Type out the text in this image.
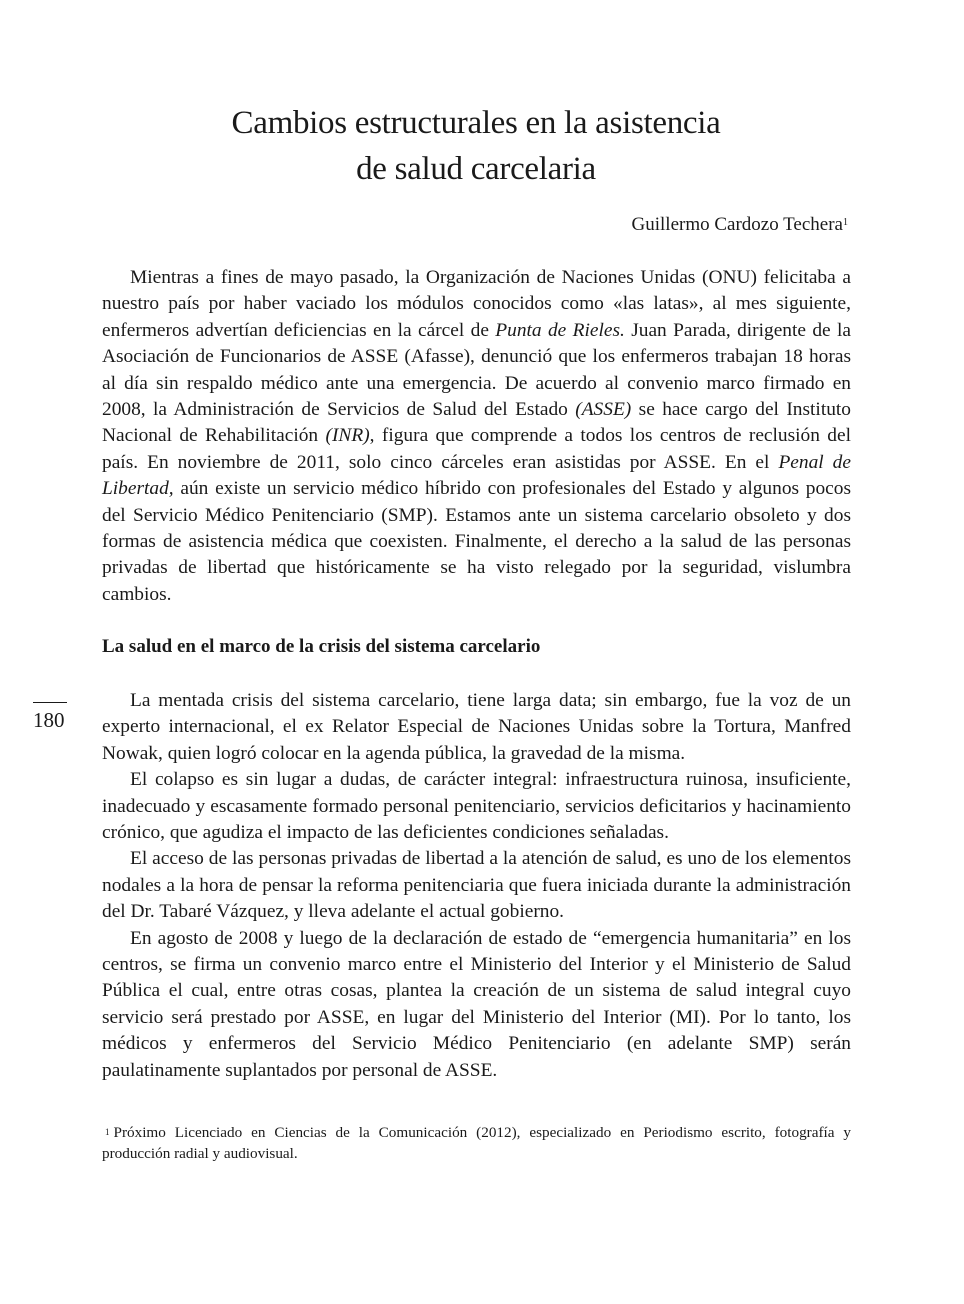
Cambios estructurales en la asistencia
de salud carcelaria

Guillermo Cardozo Techera$^1$

Mientras a fines de mayo pasado, la Organización de Naciones Unidas (ONU) felicitaba a nuestro país por haber vaciado los módulos conocidos como «las latas», al mes siguiente, enfermeros advertían deficiencias en la cárcel de Punta de Rieles. Juan Parada, dirigente de la Asociación de Funcionarios de ASSE (Afasse), denunció que los enfermeros trabajan 18 horas al día sin respaldo médico ante una emergencia. De acuerdo al convenio marco firmado en 2008, la Administración de Servicios de Salud del Estado (ASSE) se hace cargo del Instituto Nacional de Rehabilitación (INR), figura que comprende a todos los centros de reclusión del país. En noviembre de 2011, solo cinco cárceles eran asistidas por ASSE. En el Penal de Libertad, aún existe un servicio médico híbrido con profesionales del Estado y algunos pocos del Servicio Médico Penitenciario (SMP). Estamos ante un sistema carcelario obsoleto y dos formas de asistencia médica que coexisten. Finalmente, el derecho a la salud de las personas privadas de libertad que históricamente se ha visto relegado por la seguridad, vislumbra cambios.

La salud en el marco de la crisis del sistema carcelario

180

La mentada crisis del sistema carcelario, tiene larga data; sin embargo, fue la voz de un experto internacional, el ex Relator Especial de Naciones Unidas sobre la Tortura, Manfred Nowak, quien logró colocar en la agenda pública, la gravedad de la misma.

El colapso es sin lugar a dudas, de carácter integral: infraestructura ruinosa, insuficiente, inadecuado y escasamente formado personal penitenciario, servicios deficitarios y hacinamiento crónico, que agudiza el impacto de las deficientes condiciones señaladas.

El acceso de las personas privadas de libertad a la atención de salud, es uno de los elementos nodales a la hora de pensar la reforma penitenciaria que fuera iniciada durante la administración del Dr. Tabaré Vázquez, y lleva adelante el actual gobierno.

En agosto de 2008 y luego de la declaración de estado de “emergencia humanitaria” en los centros, se firma un convenio marco entre el Ministerio del Interior y el Ministerio de Salud Pública el cual, entre otras cosas, plantea la creación de un sistema de salud integral cuyo servicio será prestado por ASSE, en lugar del Ministerio del Interior (MI). Por lo tanto, los médicos y enfermeros del Servicio Médico Penitenciario (en adelante SMP) serán paulatinamente suplantados por personal de ASSE.

$^1$ Próximo Licenciado en Ciencias de la Comunicación (2012), especializado en Periodismo escrito, fotografía y producción radial y audiovisual.
